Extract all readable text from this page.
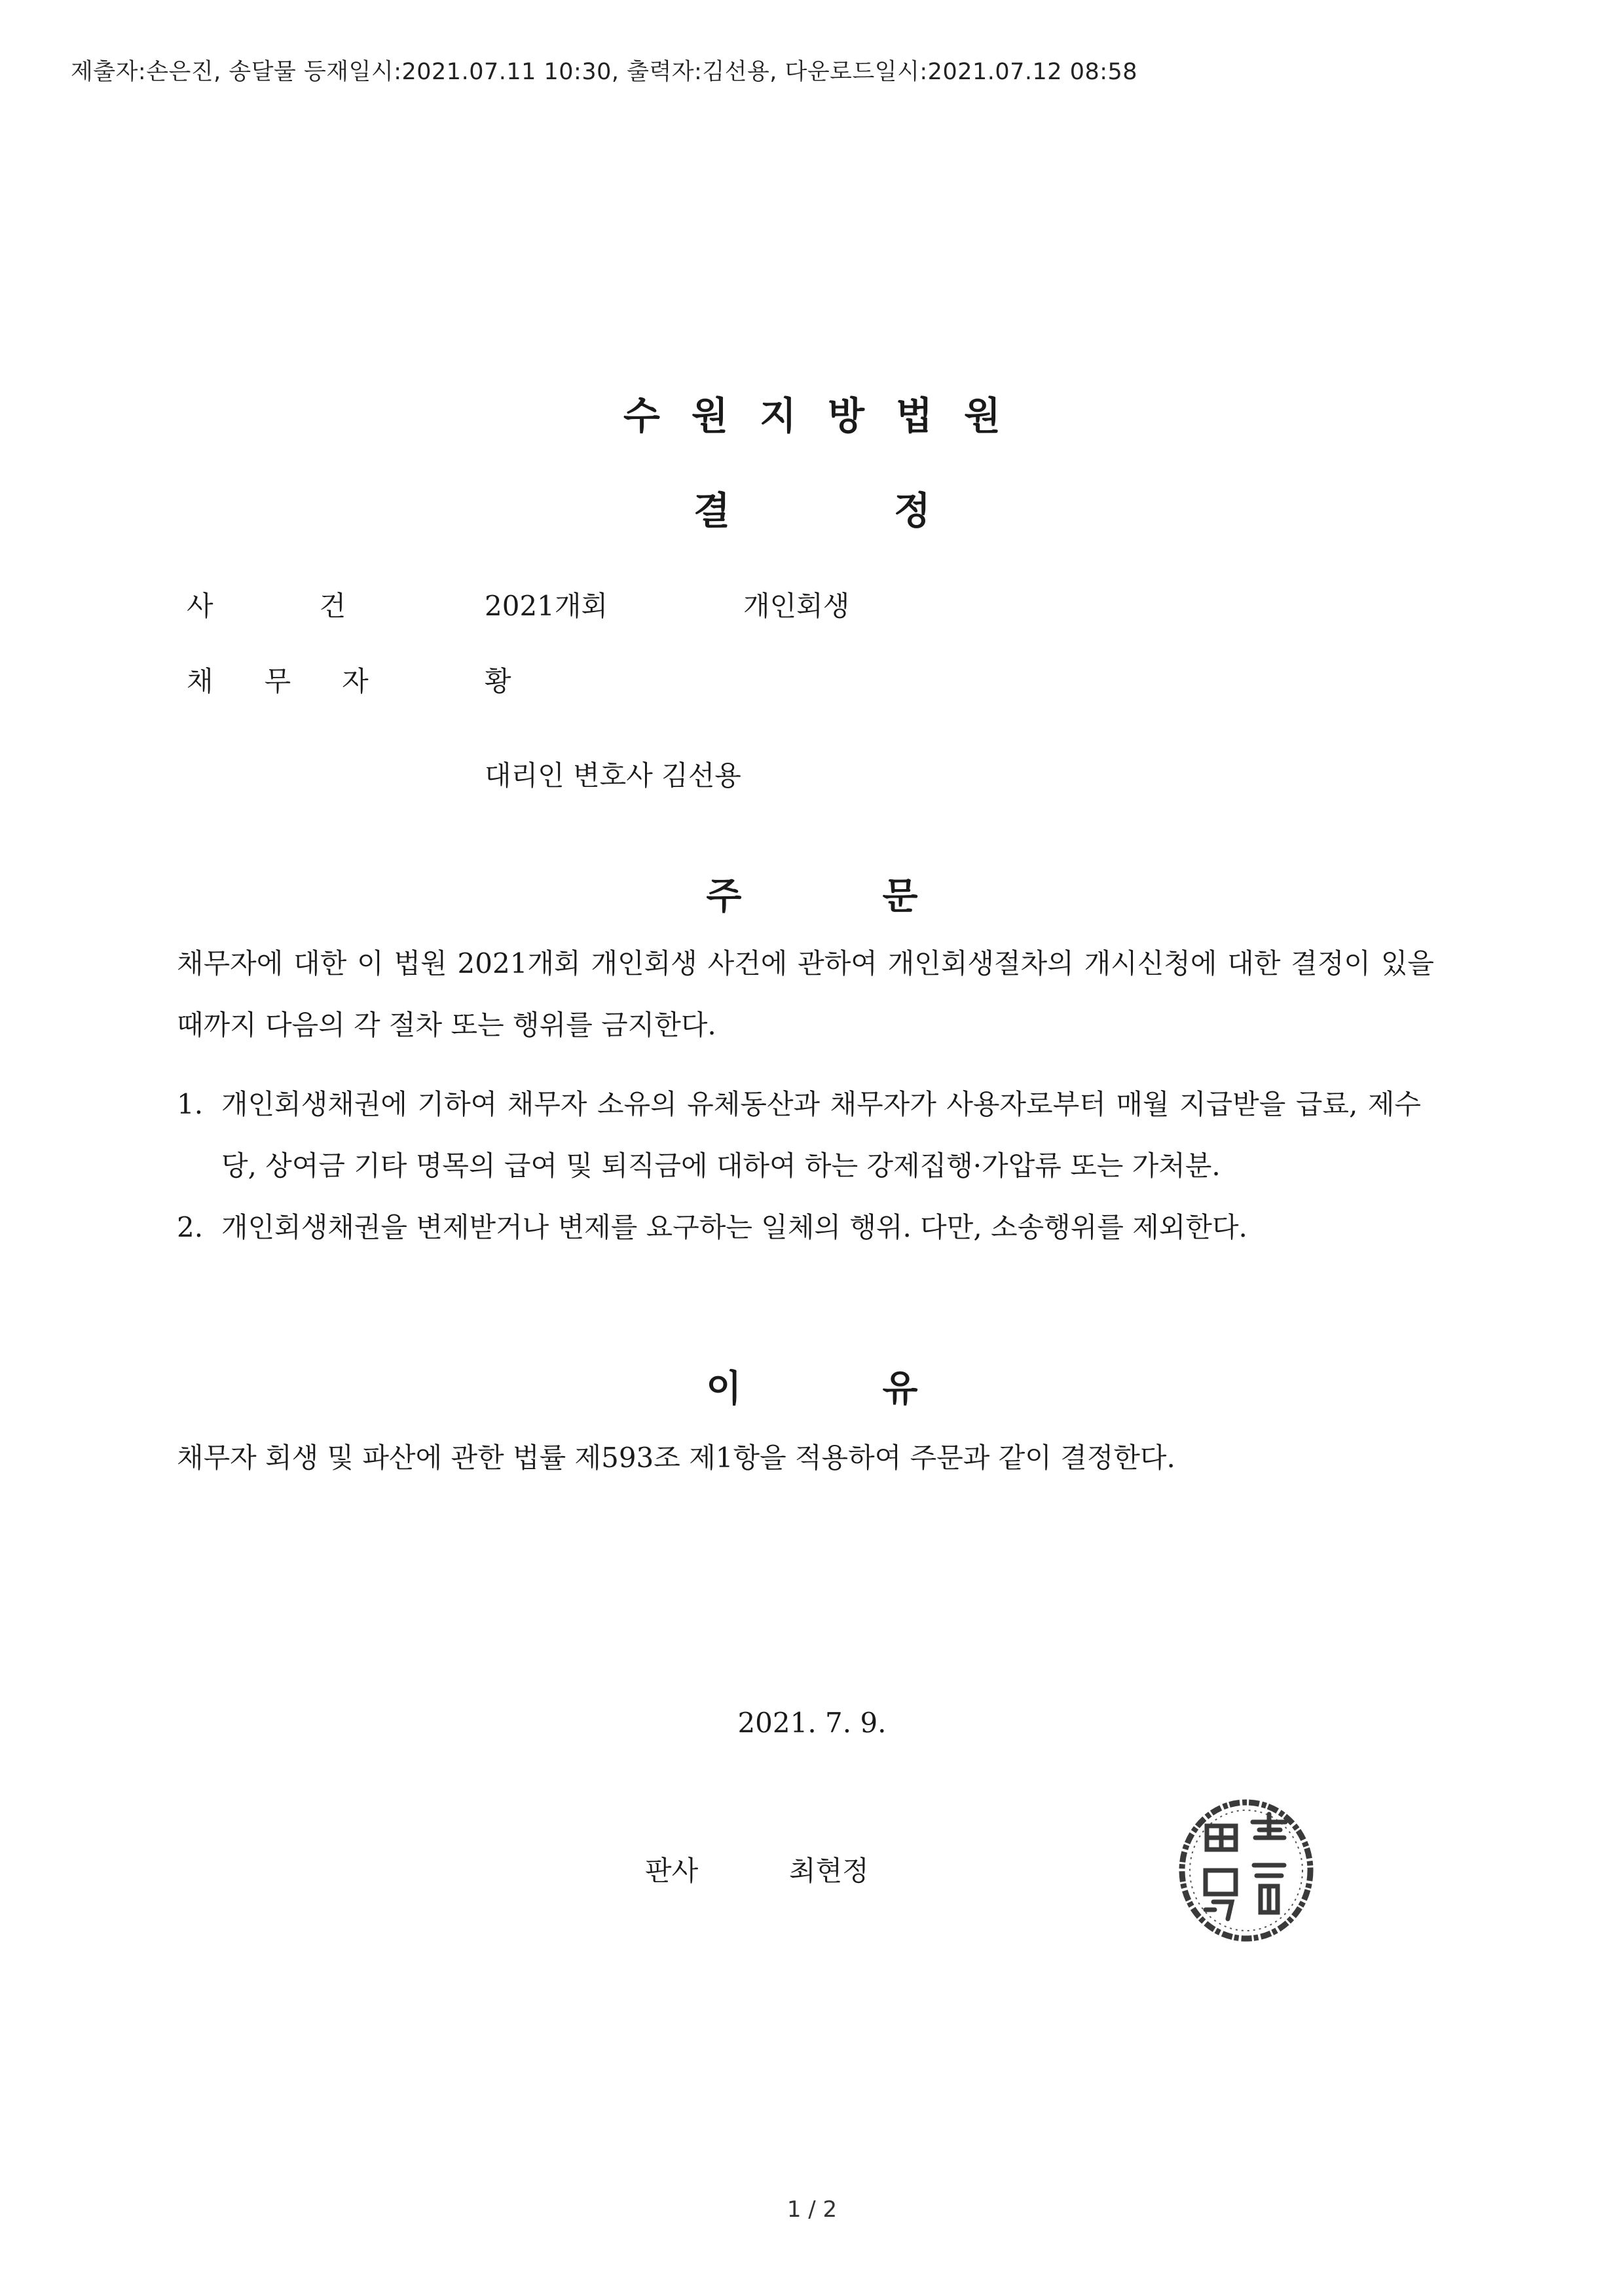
제출자:손은진, 송달물 등재일시:2021.07.11 10:30, 출력자:김선용, 다운로드일시:2021.07.12 08:58
수원지방법원
결정
사건 2021개회	개인회생
채무자 황
대리인 변호사 김선용
주문
채무자에 대한 이 법원 2021개회 개인회생 사건에 관하여 개인회생절차의 개시신청에 대한 결정이 있을 때까지 다음의 각 절차 또는 행위를 금지한다.
1. 개인회생채권에 기하여 채무자 소유의 유체동산과 채무자가 사용자로부터 매월 지급받을 급료, 제수당, 상여금 기타 명목의 급여 및 퇴직금에 대하여 하는 강제집행·가압류 또는 가처분.
2. 개인회생채권을 변제받거나 변제를 요구하는 일체의 행위. 다만, 소송행위를 제외한다.
이유
채무자 회생 및 파산에 관한 법률 제593조 제1항을 적용하여 주문과 같이 결정한다.
2021. 7. 9.
판사	최현정
1 / 2
